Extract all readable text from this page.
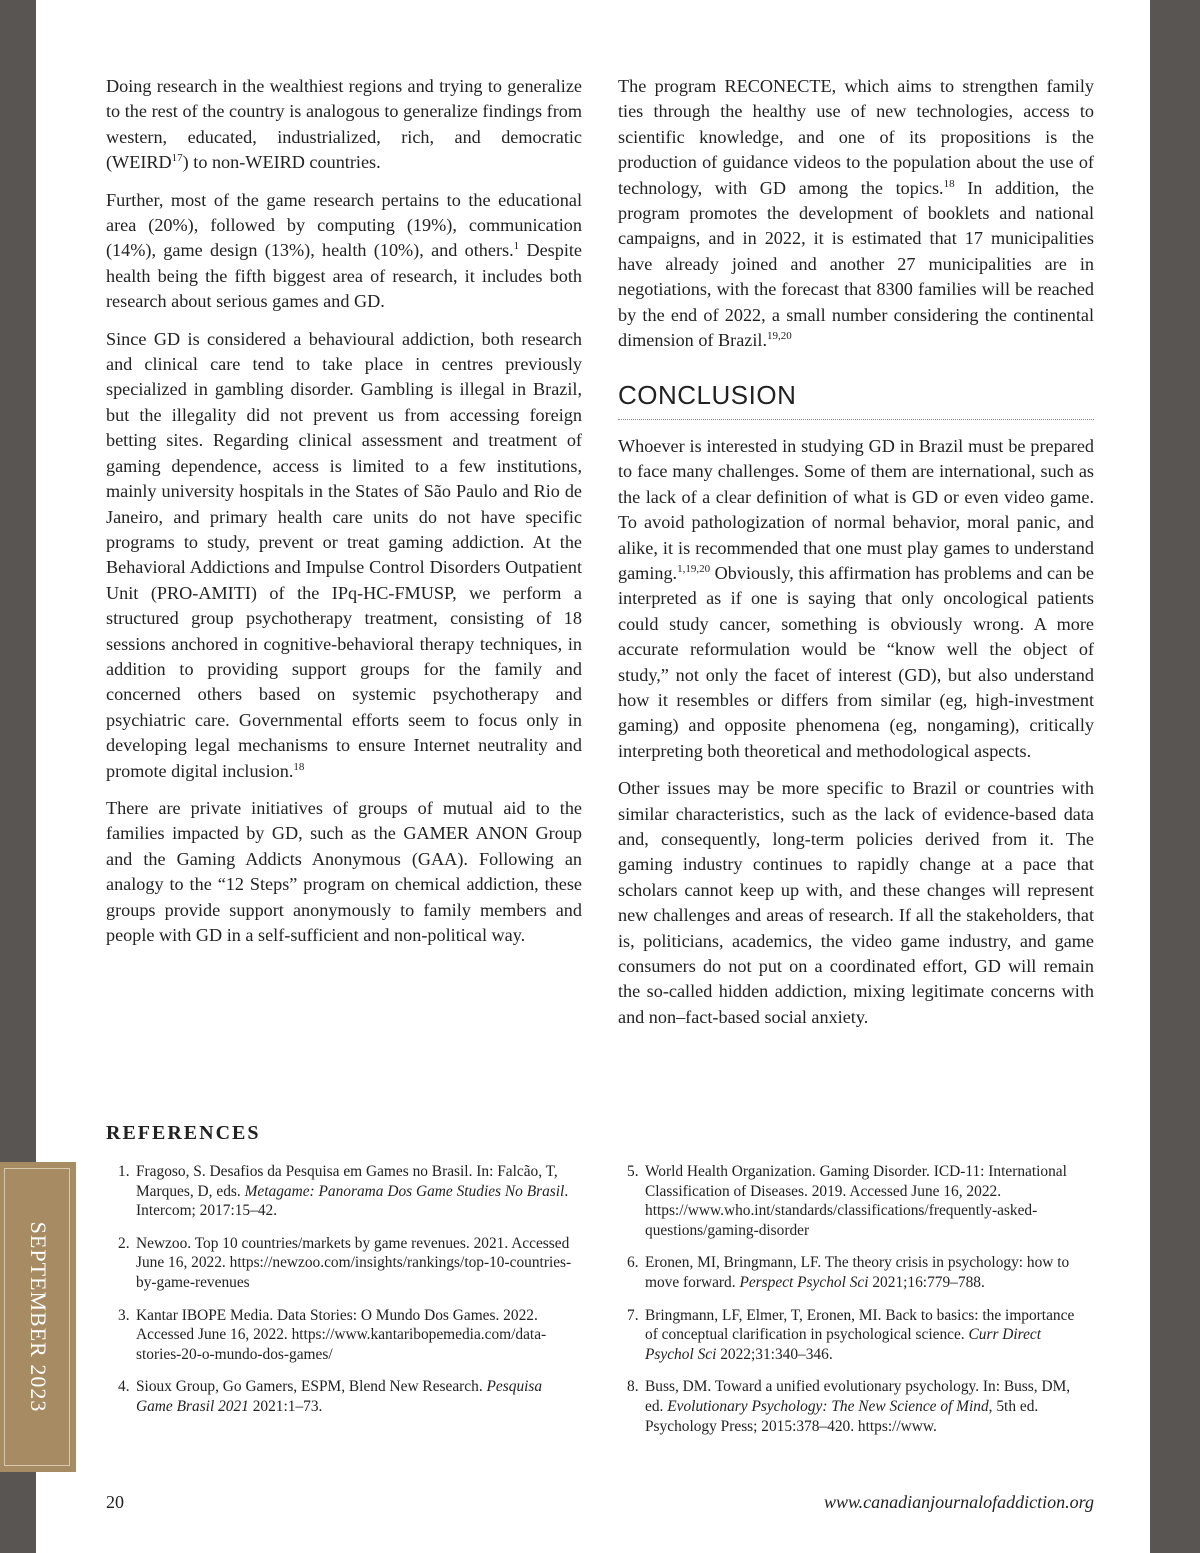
SEPTEMBER 2023

Doing research in the wealthiest regions and trying to generalize to the rest of the country is analogous to generalize findings from western, educated, industrialized, rich, and democratic (WEIRD$^{17}$) to non-WEIRD countries.

Further, most of the game research pertains to the educational area (20%), followed by computing (19%), communication (14%), game design (13%), health (10%), and others.$^1$ Despite health being the fifth biggest area of research, it includes both research about serious games and GD.

Since GD is considered a behavioural addiction, both research and clinical care tend to take place in centres previously specialized in gambling disorder. Gambling is illegal in Brazil, but the illegality did not prevent us from accessing foreign betting sites. Regarding clinical assessment and treatment of gaming dependence, access is limited to a few institutions, mainly university hospitals in the States of São Paulo and Rio de Janeiro, and primary health care units do not have specific programs to study, prevent or treat gaming addiction. At the Behavioral Addictions and Impulse Control Disorders Outpatient Unit (PRO-AMITI) of the IPq-HC-FMUSP, we perform a structured group psychotherapy treatment, consisting of 18 sessions anchored in cognitive-behavioral therapy techniques, in addition to providing support groups for the family and concerned others based on systemic psychotherapy and psychiatric care. Governmental efforts seem to focus only in developing legal mechanisms to ensure Internet neutrality and promote digital inclusion.$^{18}$

There are private initiatives of groups of mutual aid to the families impacted by GD, such as the GAMER ANON Group and the Gaming Addicts Anonymous (GAA). Following an analogy to the “12 Steps” program on chemical addiction, these groups provide support anonymously to family members and people with GD in a self-sufficient and non-political way.

The program RECONECTE, which aims to strengthen family ties through the healthy use of new technologies, access to scientific knowledge, and one of its propositions is the production of guidance videos to the population about the use of technology, with GD among the topics.$^{18}$ In addition, the program promotes the development of booklets and national campaigns, and in 2022, it is estimated that 17 municipalities have already joined and another 27 municipalities are in negotiations, with the forecast that 8300 families will be reached by the end of 2022, a small number considering the continental dimension of Brazil.$^{19,20}$

CONCLUSION

Whoever is interested in studying GD in Brazil must be prepared to face many challenges. Some of them are international, such as the lack of a clear definition of what is GD or even video game. To avoid pathologization of normal behavior, moral panic, and alike, it is recommended that one must play games to understand gaming.$^{1,19,20}$ Obviously, this affirmation has problems and can be interpreted as if one is saying that only oncological patients could study cancer, something is obviously wrong. A more accurate reformulation would be “know well the object of study,” not only the facet of interest (GD), but also understand how it resembles or differs from similar (eg, high-investment gaming) and opposite phenomena (eg, nongaming), critically interpreting both theoretical and methodological aspects.

Other issues may be more specific to Brazil or countries with similar characteristics, such as the lack of evidence-based data and, consequently, long-term policies derived from it. The gaming industry continues to rapidly change at a pace that scholars cannot keep up with, and these changes will represent new challenges and areas of research. If all the stakeholders, that is, politicians, academics, the video game industry, and game consumers do not put on a coordinated effort, GD will remain the so-called hidden addiction, mixing legitimate concerns with and non–fact-based social anxiety.

REFERENCES
1. Fragoso, S. Desafios da Pesquisa em Games no Brasil. In: Falcão, T, Marques, D, eds. Metagame: Panorama Dos Game Studies No Brasil. Intercom; 2017:15–42.
2. Newzoo. Top 10 countries/markets by game revenues. 2021. Accessed June 16, 2022. https://newzoo.com/insights/rankings/top-10-countries-by-game-revenues
3. Kantar IBOPE Media. Data Stories: O Mundo Dos Games. 2022. Accessed June 16, 2022. https://www.kantaribopemedia.com/data-stories-20-o-mundo-dos-games/
4. Sioux Group, Go Gamers, ESPM, Blend New Research. Pesquisa Game Brasil 2021 2021:1–73.
5. World Health Organization. Gaming Disorder. ICD-11: International Classification of Diseases. 2019. Accessed June 16, 2022. https://www.who.int/standards/classifications/frequently-asked-questions/gaming-disorder
6. Eronen, MI, Bringmann, LF. The theory crisis in psychology: how to move forward. Perspect Psychol Sci 2021;16:779–788.
7. Bringmann, LF, Elmer, T, Eronen, MI. Back to basics: the importance of conceptual clarification in psychological science. Curr Direct Psychol Sci 2022;31:340–346.
8. Buss, DM. Toward a unified evolutionary psychology. In: Buss, DM, ed. Evolutionary Psychology: The New Science of Mind, 5th ed. Psychology Press; 2015:378–420. https://www.
20	www.canadianjournalofaddiction.org
